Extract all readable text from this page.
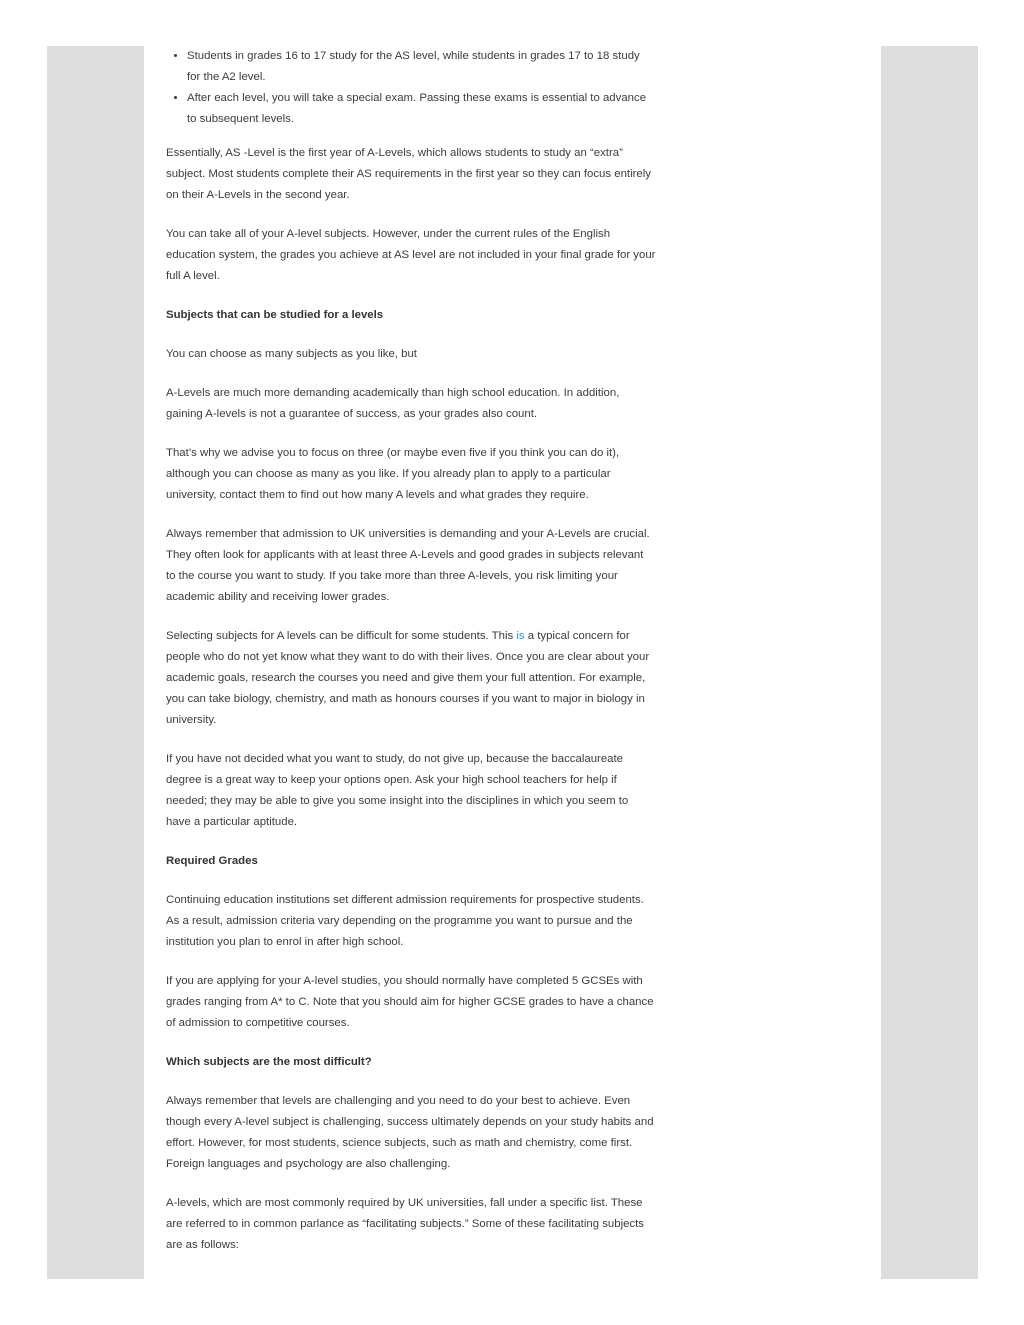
• Students in grades 16 to 17 study for the AS level, while students in grades 17 to 18 study for the A2 level.
• After each level, you will take a special exam. Passing these exams is essential to advance to subsequent levels.

Essentially, AS -Level is the first year of A-Levels, which allows students to study an “extra” subject. Most students complete their AS requirements in the first year so they can focus entirely on their A-Levels in the second year.

You can take all of your A-level subjects. However, under the current rules of the English education system, the grades you achieve at AS level are not included in your final grade for your full A level.

Subjects that can be studied for a levels

You can choose as many subjects as you like, but

A-Levels are much more demanding academically than high school education. In addition, gaining A-levels is not a guarantee of success, as your grades also count.

That’s why we advise you to focus on three (or maybe even five if you think you can do it), although you can choose as many as you like. If you already plan to apply to a particular university, contact them to find out how many A levels and what grades they require.

Always remember that admission to UK universities is demanding and your A-Levels are crucial. They often look for applicants with at least three A-Levels and good grades in subjects relevant to the course you want to study. If you take more than three A-levels, you risk limiting your academic ability and receiving lower grades.

Selecting subjects for A levels can be difficult for some students. This is a typical concern for people who do not yet know what they want to do with their lives. Once you are clear about your academic goals, research the courses you need and give them your full attention. For example, you can take biology, chemistry, and math as honours courses if you want to major in biology in university.

If you have not decided what you want to study, do not give up, because the baccalaureate degree is a great way to keep your options open. Ask your high school teachers for help if needed; they may be able to give you some insight into the disciplines in which you seem to have a particular aptitude.

Required Grades

Continuing education institutions set different admission requirements for prospective students. As a result, admission criteria vary depending on the programme you want to pursue and the institution you plan to enrol in after high school.

If you are applying for your A-level studies, you should normally have completed 5 GCSEs with grades ranging from A* to C. Note that you should aim for higher GCSE grades to have a chance of admission to competitive courses.

Which subjects are the most difficult?

Always remember that levels are challenging and you need to do your best to achieve. Even though every A-level subject is challenging, success ultimately depends on your study habits and effort. However, for most students, science subjects, such as math and chemistry, come first. Foreign languages and psychology are also challenging.

A-levels, which are most commonly required by UK universities, fall under a specific list. These are referred to in common parlance as “facilitating subjects.” Some of these facilitating subjects are as follows:
